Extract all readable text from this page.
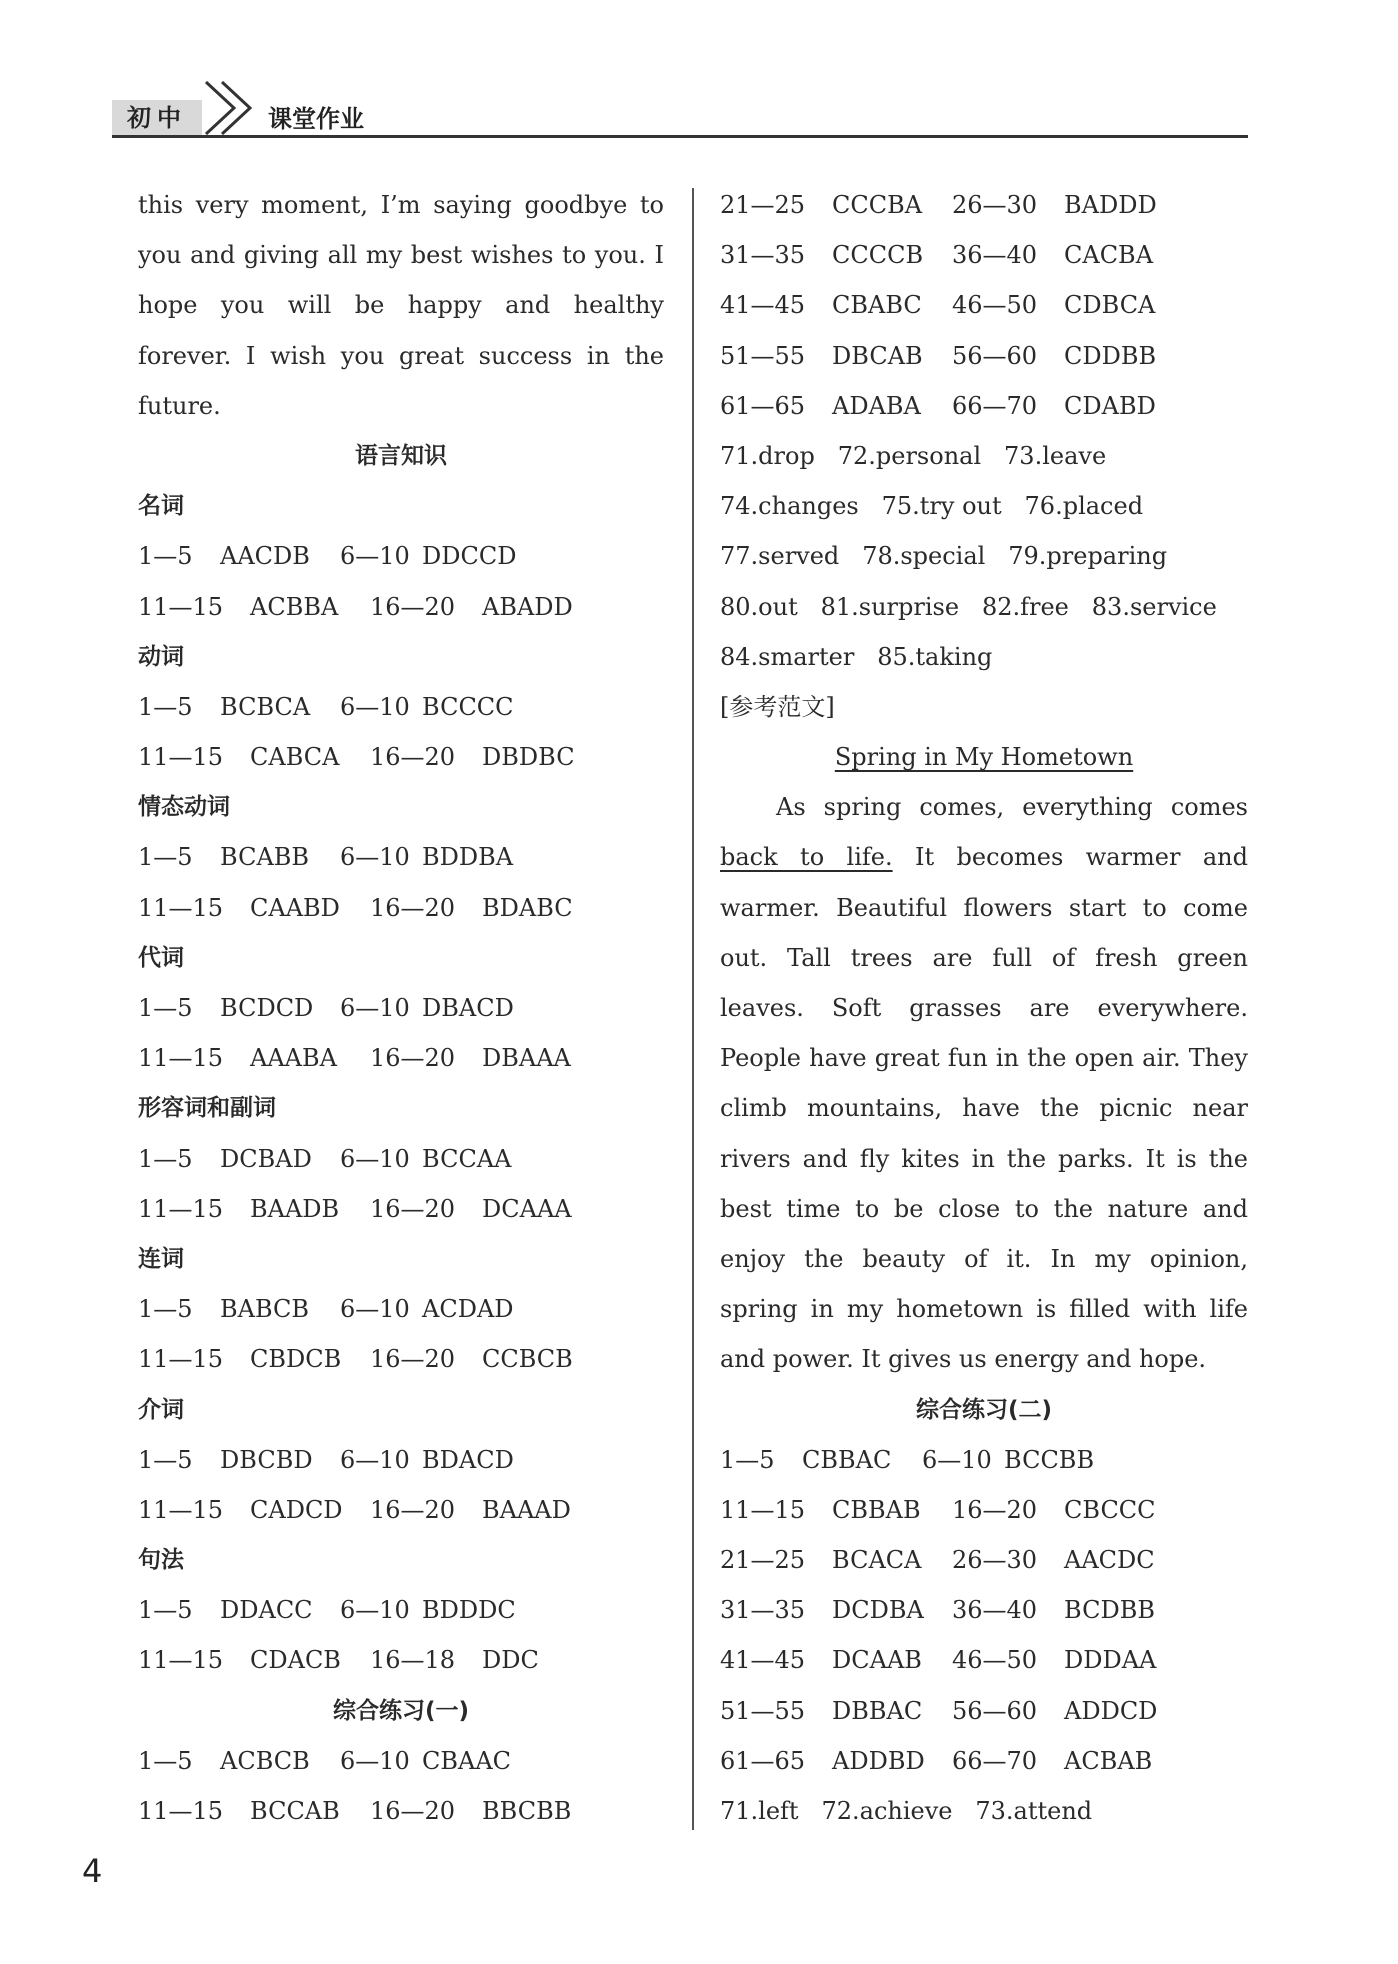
初中	课堂作业
this very moment, I’m saying goodbye to
you and giving all my best wishes to you. I
hope you will be happy and healthy
forever. I wish you great success in the
future.
语言知识
名词
1—5 AACDB 6—10 DDCCD
11—15 ACBBA 16—20 ABADD
动词
1—5 BCBCA 6—10 BCCCC
11—15 CABCA 16—20 DBDBC
情态动词
1—5 BCABB 6—10 BDDBA
11—15 CAABD 16—20 BDABC
代词
1—5 BCDCD 6—10 DBACD
11—15 AAABA 16—20 DBAAA
形容词和副词
1—5 DCBAD 6—10 BCCAA
11—15 BAADB 16—20 DCAAA
连词
1—5 BABCB 6—10 ACDAD
11—15 CBDCB 16—20 CCBCB
介词
1—5 DBCBD 6—10 BDACD
11—15 CADCD 16—20 BAAAD
句法
1—5 DDACC 6—10 BDDDC
11—15 CDACB 16—18 DDC
综合练习(一)
1—5 ACBCB 6—10 CBAAC
11—15 BCCAB 16—20 BBCBB
21—25 CCCBA 26—30 BADDD
31—35 CCCCB 36—40 CACBA
41—45 CBABC 46—50 CDBCA
51—55 DBCAB 56—60 CDDBB
61—65 ADABA 66—70 CDABD
71.drop 72.personal 73.leave
74.changes 75.try out 76.placed
77.served 78.special 79.preparing
80.out 81.surprise 82.free 83.service
84.smarter 85.taking
[参考范文]
Spring in My Hometown
As spring comes, everything comes
back to life. It becomes warmer and
warmer. Beautiful flowers start to come
out. Tall trees are full of fresh green
leaves. Soft grasses are everywhere.
People have great fun in the open air. They
climb mountains, have the picnic near
rivers and fly kites in the parks. It is the
best time to be close to the nature and
enjoy the beauty of it. In my opinion,
spring in my hometown is filled with life
and power. It gives us energy and hope.
综合练习(二)
1—5 CBBAC 6—10 BCCBB
11—15 CBBAB 16—20 CBCCC
21—25 BCACA 26—30 AACDC
31—35 DCDBA 36—40 BCDBB
41—45 DCAAB 46—50 DDDAA
51—55 DBBAC 56—60 ADDCD
61—65 ADDBD 66—70 ACBAB
71.left 72.achieve 73.attend
4
